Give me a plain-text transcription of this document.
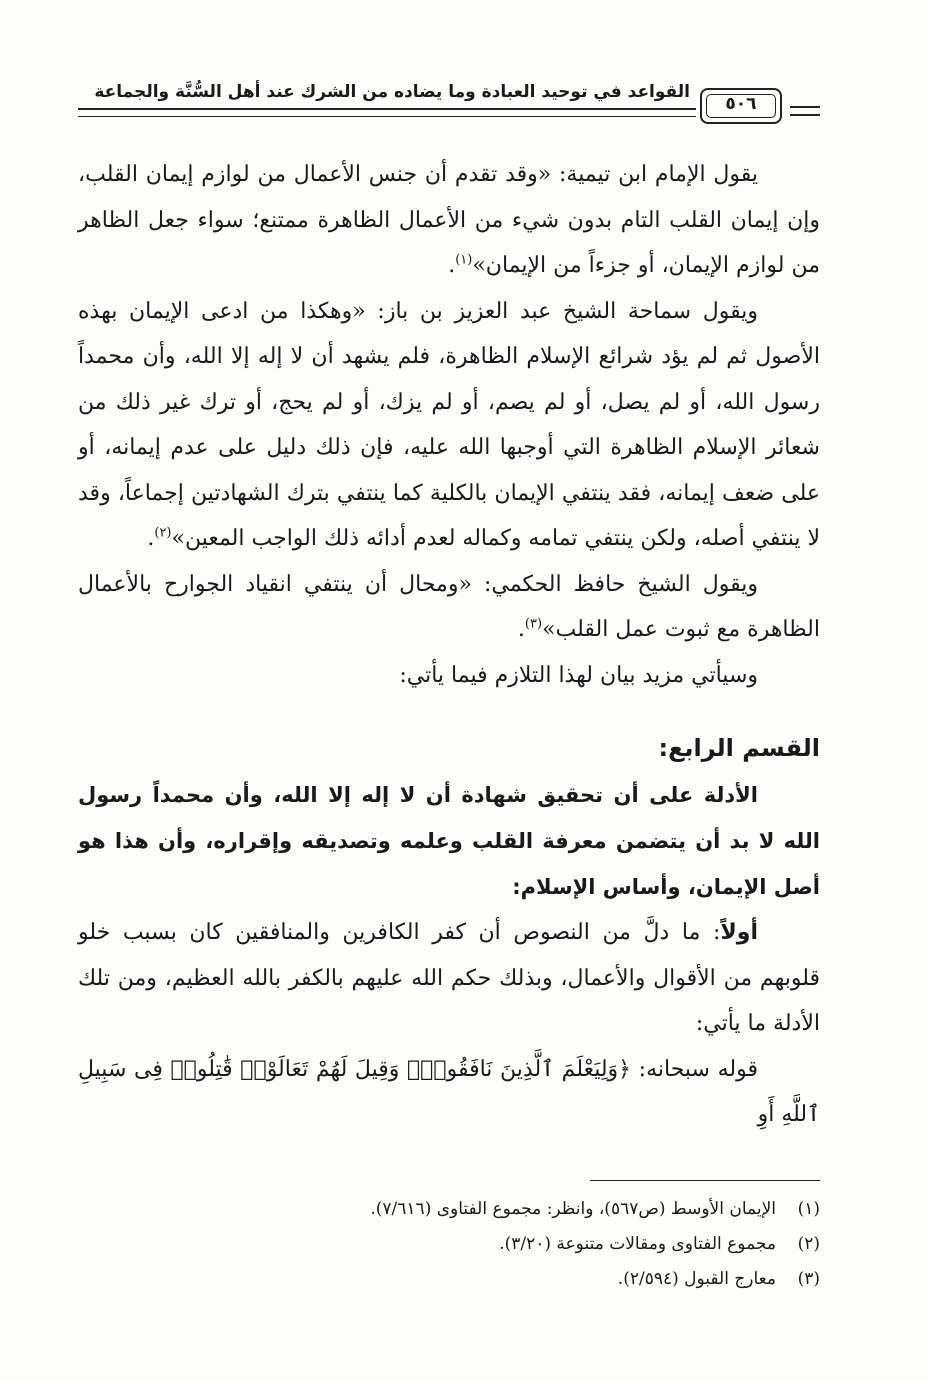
القواعد في توحيد العبادة وما يضاده من الشرك عند أهل السُّنَّة والجماعة
٥٠٦

يقول الإمام ابن تيمية: «وقد تقدم أن جنس الأعمال من لوازم إيمان القلب، وإن إيمان القلب التام بدون شيء من الأعمال الظاهرة ممتنع؛ سواء جعل الظاهر من لوازم الإيمان، أو جزءاً من الإيمان»$^{(١)}$.

ويقول سماحة الشيخ عبد العزيز بن باز: «وهكذا من ادعى الإيمان بهذه الأصول ثم لم يؤد شرائع الإسلام الظاهرة، فلم يشهد أن لا إله إلا الله، وأن محمداً رسول الله، أو لم يصل، أو لم يصم، أو لم يزك، أو لم يحج، أو ترك غير ذلك من شعائر الإسلام الظاهرة التي أوجبها الله عليه، فإن ذلك دليل على عدم إيمانه، أو على ضعف إيمانه، فقد ينتفي الإيمان بالكلية كما ينتفي بترك الشهادتين إجماعاً، وقد لا ينتفي أصله، ولكن ينتفي تمامه وكماله لعدم أدائه ذلك الواجب المعين»$^{(٢)}$.

ويقول الشيخ حافظ الحكمي: «ومحال أن ينتفي انقياد الجوارح بالأعمال الظاهرة مع ثبوت عمل القلب»$^{(٣)}$.

وسيأتي مزيد بيان لهذا التلازم فيما يأتي:

القسم الرابع:

الأدلة على أن تحقيق شهادة أن لا إله إلا الله، وأن محمداً رسول الله لا بد أن يتضمن معرفة القلب وعلمه وتصديقه وإقراره، وأن هذا هو أصل الإيمان، وأساس الإسلام:

أولاً: ما دلَّ من النصوص أن كفر الكافرين والمنافقين كان بسبب خلو قلوبهم من الأقوال والأعمال، وبذلك حكم الله عليهم بالكفر بالله العظيم، ومن تلك الأدلة ما يأتي:

قوله سبحانه: ﴿وَلِيَعْلَمَ ٱلَّذِينَ نَافَقُوا۟ۚ وَقِيلَ لَهُمْ تَعَالَوْا۟ قَٰتِلُوا۟ فِى سَبِيلِ ٱللَّهِ أَوِ

(١)الإيمان الأوسط (ص٥٦٧)، وانظر: مجموع الفتاوى (٧/٦١٦).

(٢)مجموع الفتاوى ومقالات متنوعة (٣/٢٠).

(٣)معارج القبول (٢/٥٩٤).
